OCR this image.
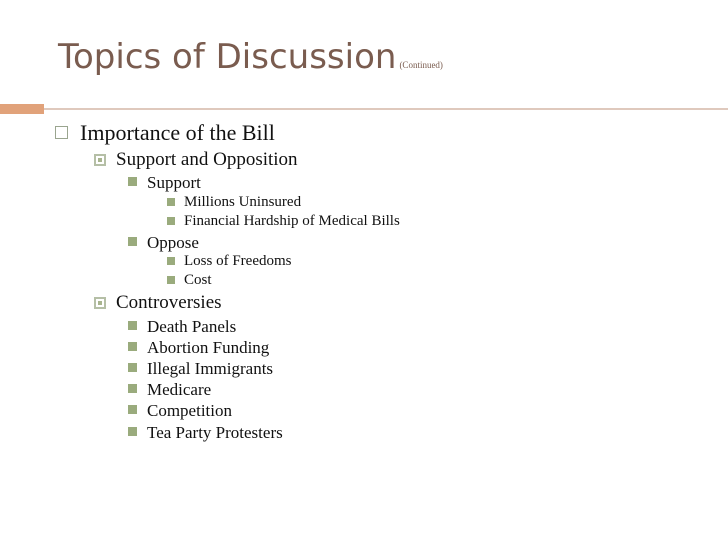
Topics of Discussion (Continued)
Importance of the Bill
Support and Opposition
Support
Millions Uninsured
Financial Hardship of Medical Bills
Oppose
Loss of Freedoms
Cost
Controversies
Death Panels
Abortion Funding
Illegal Immigrants
Medicare
Competition
Tea Party Protesters
